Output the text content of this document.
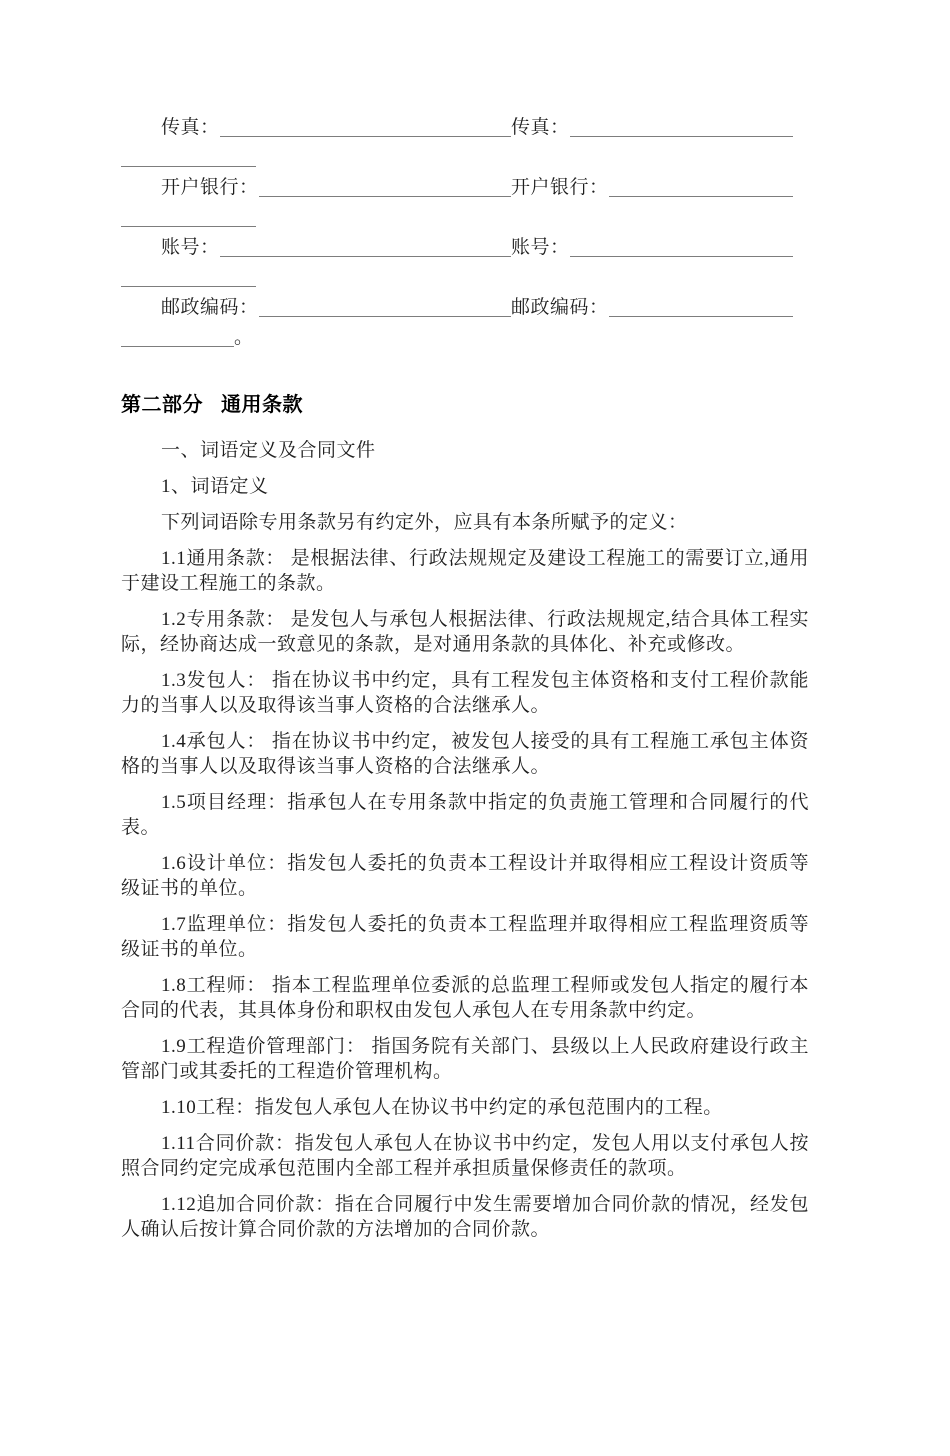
传真：	传真：
开户银行：	开户银行：
账号：	账号：
邮政编码：	邮政编码：
。
第二部分 通用条款

一、词语定义及合同文件

1、词语定义

下列词语除专用条款另有约定外，应具有本条所赋予的定义：

1.1通用条款： 是根据法律、行政法规规定及建设工程施工的需要订立,通用于建设工程施工的条款。

1.2专用条款： 是发包人与承包人根据法律、行政法规规定,结合具体工程实际，经协商达成一致意见的条款，是对通用条款的具体化、补充或修改。

1.3发包人： 指在协议书中约定，具有工程发包主体资格和支付工程价款能力的当事人以及取得该当事人资格的合法继承人。

1.4承包人： 指在协议书中约定，被发包人接受的具有工程施工承包主体资格的当事人以及取得该当事人资格的合法继承人。

1.5项目经理：指承包人在专用条款中指定的负责施工管理和合同履行的代表。

1.6设计单位：指发包人委托的负责本工程设计并取得相应工程设计资质等级证书的单位。

1.7监理单位：指发包人委托的负责本工程监理并取得相应工程监理资质等级证书的单位。

1.8工程师： 指本工程监理单位委派的总监理工程师或发包人指定的履行本合同的代表，其具体身份和职权由发包人承包人在专用条款中约定。

1.9工程造价管理部门： 指国务院有关部门、县级以上人民政府建设行政主管部门或其委托的工程造价管理机构。

1.10工程：指发包人承包人在协议书中约定的承包范围内的工程。

1.11合同价款：指发包人承包人在协议书中约定，发包人用以支付承包人按照合同约定完成承包范围内全部工程并承担质量保修责任的款项。

1.12追加合同价款：指在合同履行中发生需要增加合同价款的情况，经发包人确认后按计算合同价款的方法增加的合同价款。
